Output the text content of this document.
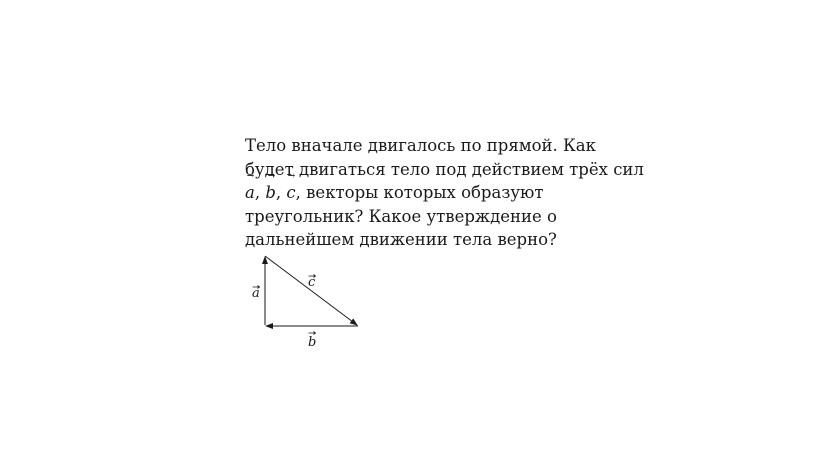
Тело вначале двигалось по прямой. Как
будет двигаться тело под действием трёх сил
→ a, → b, → c, векторы которых образуют
треугольник? Какое утверждение о
дальнейшем движении тела верно?
a
c
b
